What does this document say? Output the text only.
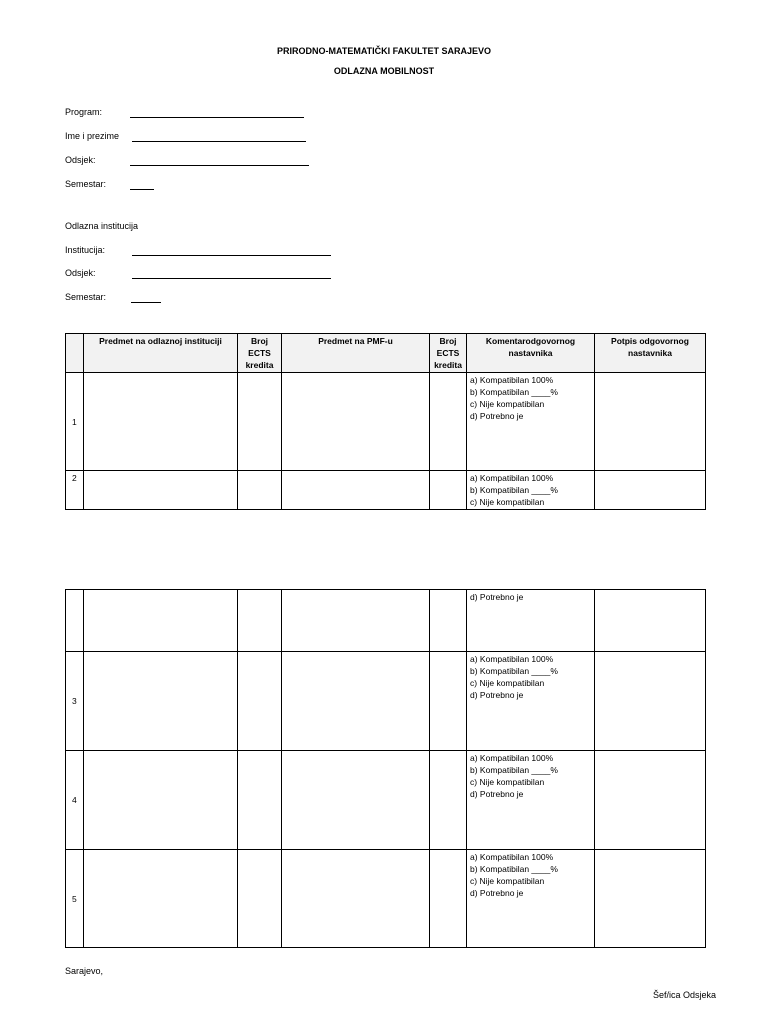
PRIRODNO-MATEMATIČKI FAKULTET SARAJEVO
ODLAZNA MOBILNOST
Program:
Ime i prezime
Odsjek:
Semestar:
Odlazna institucija
Institucija:
Odsjek:
Semestar:
	Predmet na odlaznoj instituciji	Broj ECTS kredita	Predmet na PMF-u	Broj ECTS kredita	Komentarodgovornog nastavnika	Potpis odgovornog nastavnika
1					a) Kompatibilan 100%
b) Kompatibilan ____%
c) Nije kompatibilan
d) Potrebno je	

2					a) Kompatibilan 100%
b) Kompatibilan ____%
c) Nije kompatibilan	

					d) Potrebno je	

3					a) Kompatibilan 100%
b) Kompatibilan ____%
c) Nije kompatibilan
d) Potrebno je	

4					a) Kompatibilan 100%
b) Kompatibilan ____%
c) Nije kompatibilan
d) Potrebno je	

5					a) Kompatibilan 100%
b) Kompatibilan ____%
c) Nije kompatibilan
d) Potrebno je	

Sarajevo,
Šef/ica Odsjeka
